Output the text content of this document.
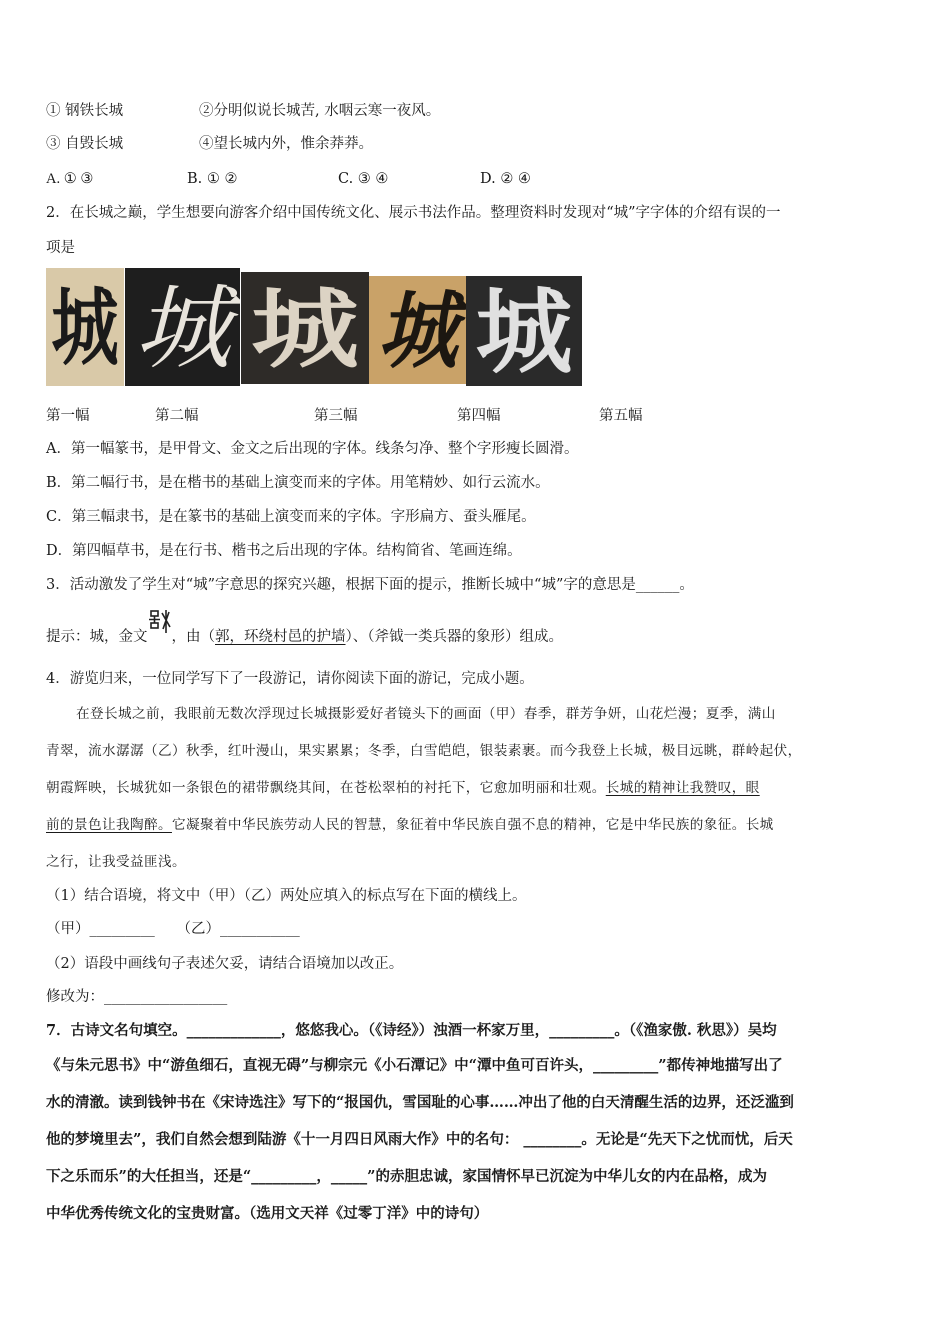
① 钢铁长城	②分明似说长城苦, 水咽云寒一夜风。
③ 自毁长城	④望长城内外，惟余莽莽。
A. ① ③	B. ① ②	C. ③ ④	D. ② ④
2．在长城之巅，学生想要向游客介绍中国传统文化、展示书法作品。整理资料时发现对“城”字字体的介绍有误的一
项是
城 城 城 城 城
第一幅	第二幅	第三幅	第四幅	第五幅
A．第一幅篆书，是甲骨文、金文之后出现的字体。线条匀净、整个字形瘦长圆滑。
B．第二幅行书，是在楷书的基础上演变而来的字体。用笔精妙、如行云流水。
C．第三幅隶书，是在篆书的基础上演变而来的字体。字形扁方、蚕头雁尾。
D．第四幅草书，是在行书、楷书之后出现的字体。结构简省、笔画连绵。
3．活动激发了学生对“城”字意思的探究兴趣，根据下面的提示，推断长城中“城”字的意思是______。
提示：城，金文 ，由（郭，环绕村邑的护墙）、（斧钺一类兵器的象形）组成。
4．游览归来，一位同学写下了一段游记，请你阅读下面的游记，完成小题。
在登长城之前，我眼前无数次浮现过长城摄影爱好者镜头下的画面（甲）春季，群芳争妍，山花烂漫；夏季，满山
青翠，流水潺潺（乙）秋季，红叶漫山，果实累累；冬季，白雪皑皑，银装素裹。而今我登上长城，极目远眺，群岭起伏，
朝霞辉映，长城犹如一条银色的裙带飘绕其间，在苍松翠柏的衬托下，它愈加明丽和壮观。长城的精神让我赞叹，眼
前的景色让我陶醉。它凝聚着中华民族劳动人民的智慧，象征着中华民族自强不息的精神，它是中华民族的象征。长城
之行，让我受益匪浅。
（1）结合语境，将文中（甲）（乙）两处应填入的标点写在下面的横线上。
（甲）_________　　（乙）___________
（2）语段中画线句子表述欠妥，请结合语境加以改正。
修改为：_________________
7．古诗文名句填空。_____________，悠悠我心。（《诗经》）浊酒一杯家万里，_________。（《渔家傲. 秋思》）吴均
《与朱元思书》中“游鱼细石，直视无碍”与柳宗元《小石潭记》中“潭中鱼可百许头，_________”都传神地描写出了
水的清澈。读到钱钟书在《宋诗选注》写下的“报国仇，雪国耻的心事……冲出了他的白天清醒生活的边界，还泛滥到
他的梦境里去”，我们自然会想到陆游《十一月四日风雨大作》中的名句： ________。无论是“先天下之忧而忧，后天
下之乐而乐”的大任担当，还是“_________，_____”的赤胆忠诚，家国情怀早已沉淀为中华儿女的内在品格，成为
中华优秀传统文化的宝贵财富。（选用文天祥《过零丁洋》中的诗句）
